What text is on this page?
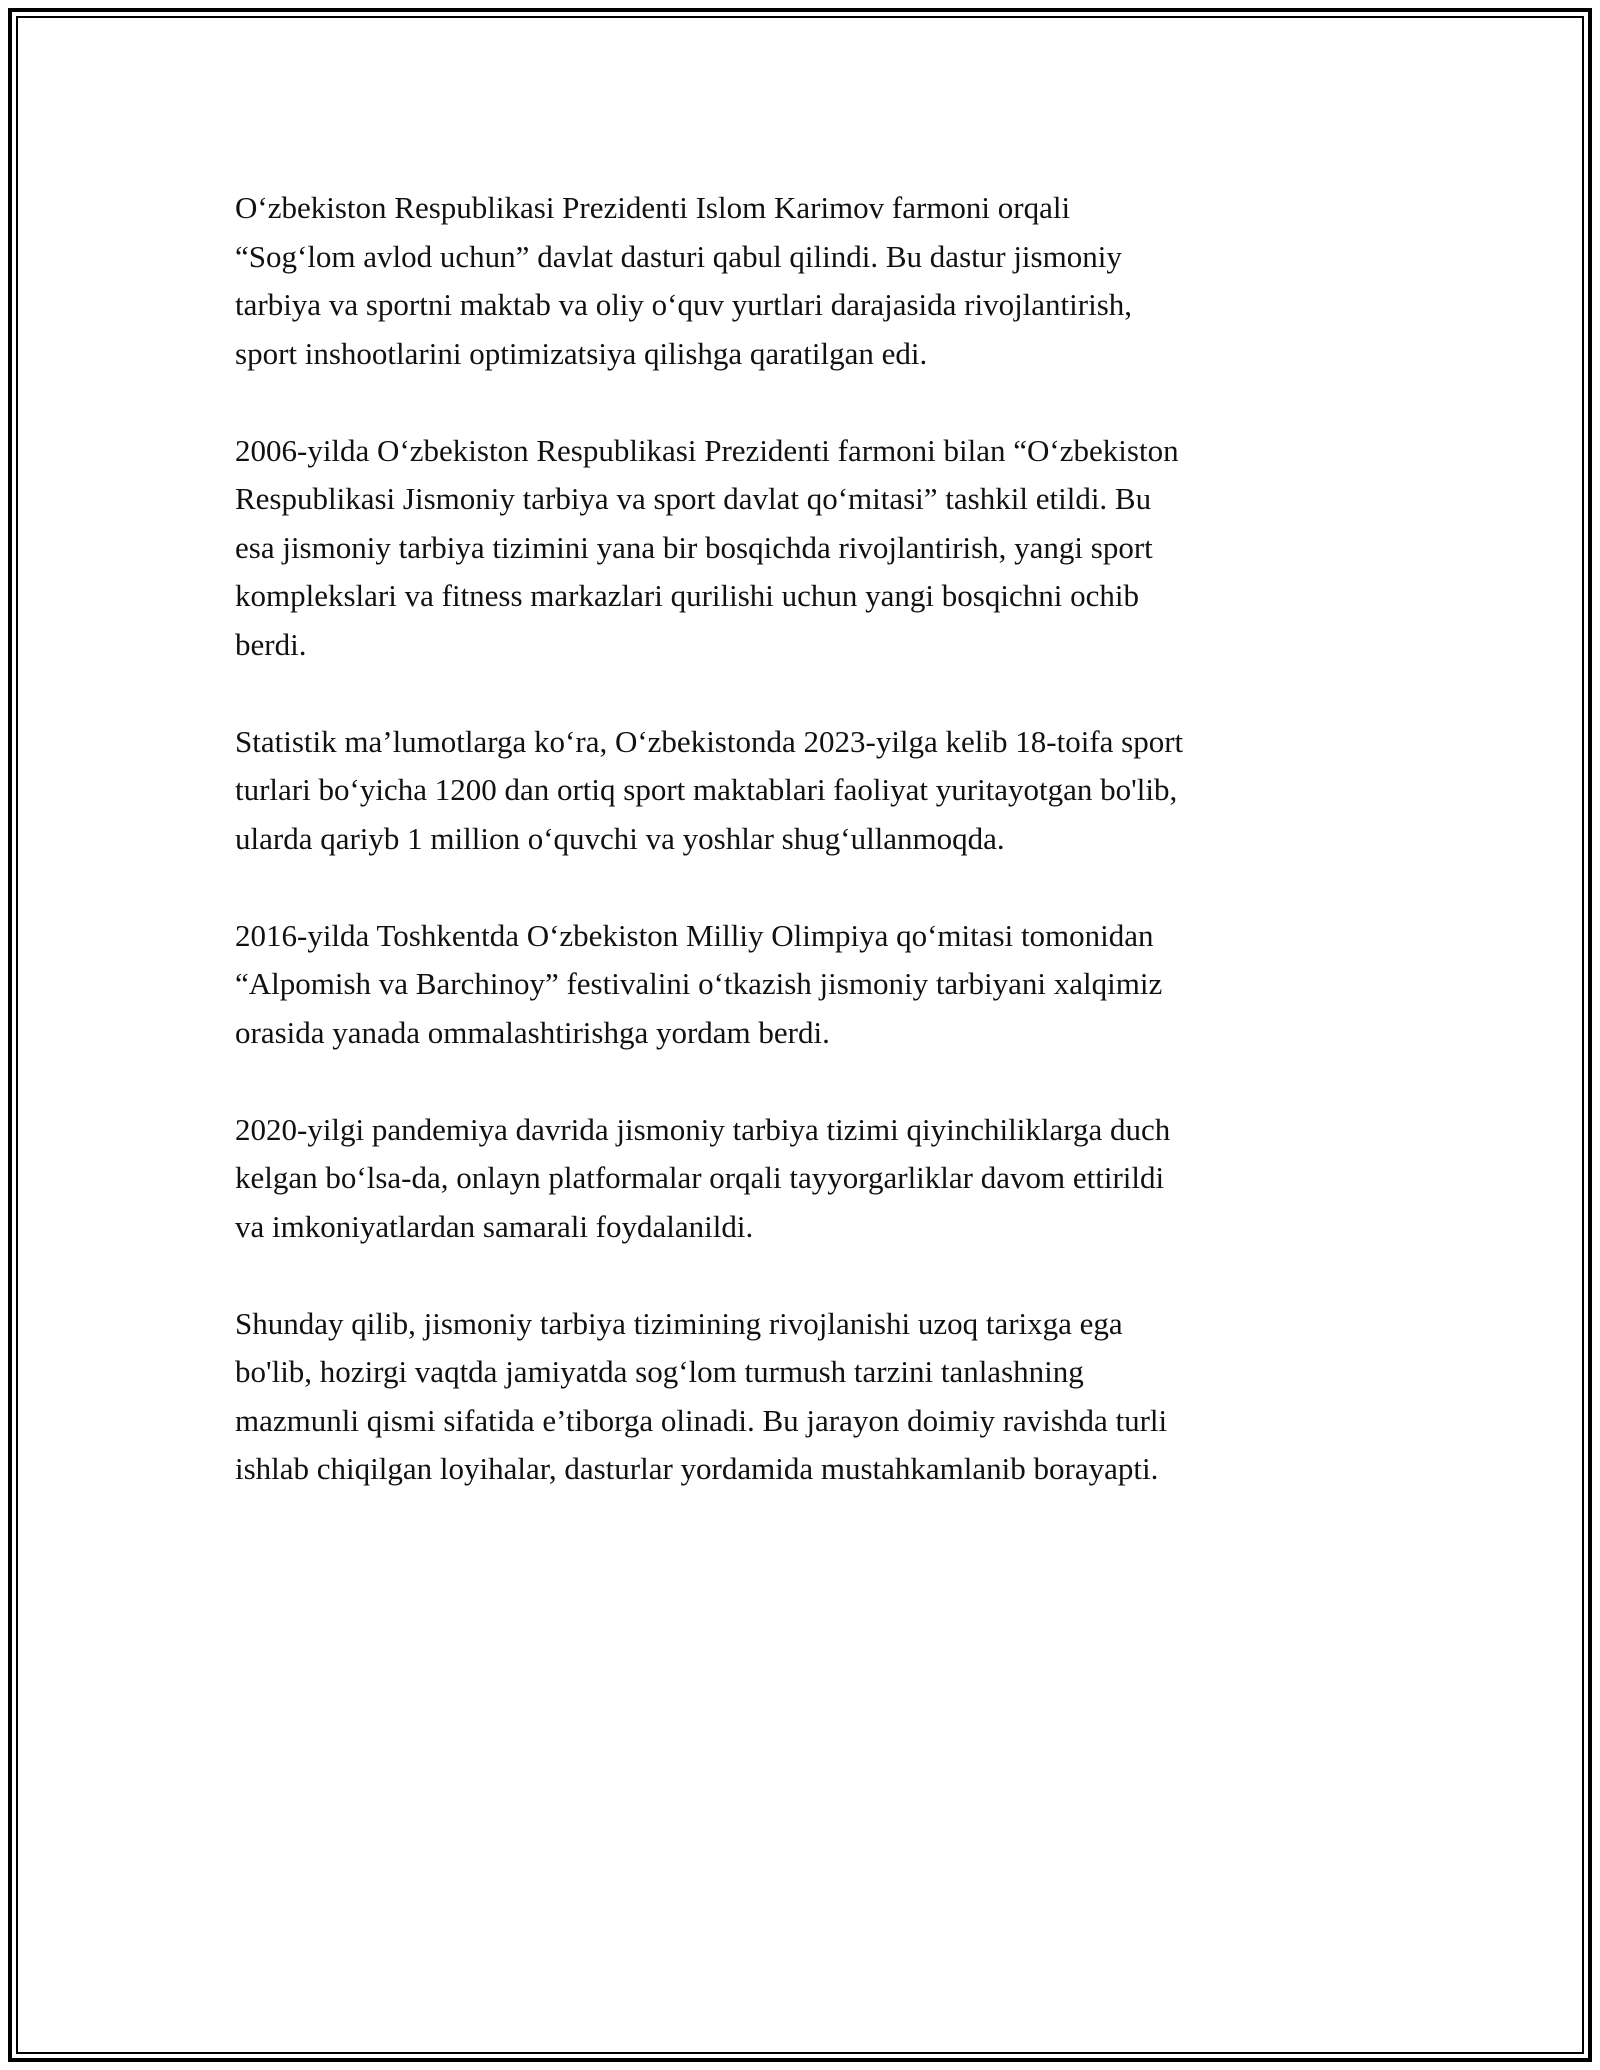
O‘zbekiston Respublikasi Prezidenti Islom Karimov farmoni orqali
“Sog‘lom avlod uchun” davlat dasturi qabul qilindi. Bu dastur jismoniy
tarbiya va sportni maktab va oliy o‘quv yurtlari darajasida rivojlantirish,
sport inshootlarini optimizatsiya qilishga qaratilgan edi.

2006-yilda O‘zbekiston Respublikasi Prezidenti farmoni bilan “O‘zbekiston
Respublikasi Jismoniy tarbiya va sport davlat qo‘mitasi” tashkil etildi. Bu
esa jismoniy tarbiya tizimini yana bir bosqichda rivojlantirish, yangi sport
komplekslari va fitness markazlari qurilishi uchun yangi bosqichni ochib
berdi.

Statistik ma’lumotlarga ko‘ra, O‘zbekistonda 2023-yilga kelib 18-toifa sport
turlari bo‘yicha 1200 dan ortiq sport maktablari faoliyat yuritayotgan bo'lib,
ularda qariyb 1 million o‘quvchi va yoshlar shug‘ullanmoqda.

2016-yilda Toshkentda O‘zbekiston Milliy Olimpiya qo‘mitasi tomonidan
“Alpomish va Barchinoy” festivalini o‘tkazish jismoniy tarbiyani xalqimiz
orasida yanada ommalashtirishga yordam berdi.

2020-yilgi pandemiya davrida jismoniy tarbiya tizimi qiyinchiliklarga duch
kelgan bo‘lsa-da, onlayn platformalar orqali tayyorgarliklar davom ettirildi
va imkoniyatlardan samarali foydalanildi.

Shunday qilib, jismoniy tarbiya tizimining rivojlanishi uzoq tarixga ega
bo'lib, hozirgi vaqtda jamiyatda sog‘lom turmush tarzini tanlashning
mazmunli qismi sifatida e’tiborga olinadi. Bu jarayon doimiy ravishda turli
ishlab chiqilgan loyihalar, dasturlar yordamida mustahkamlanib borayapti.
